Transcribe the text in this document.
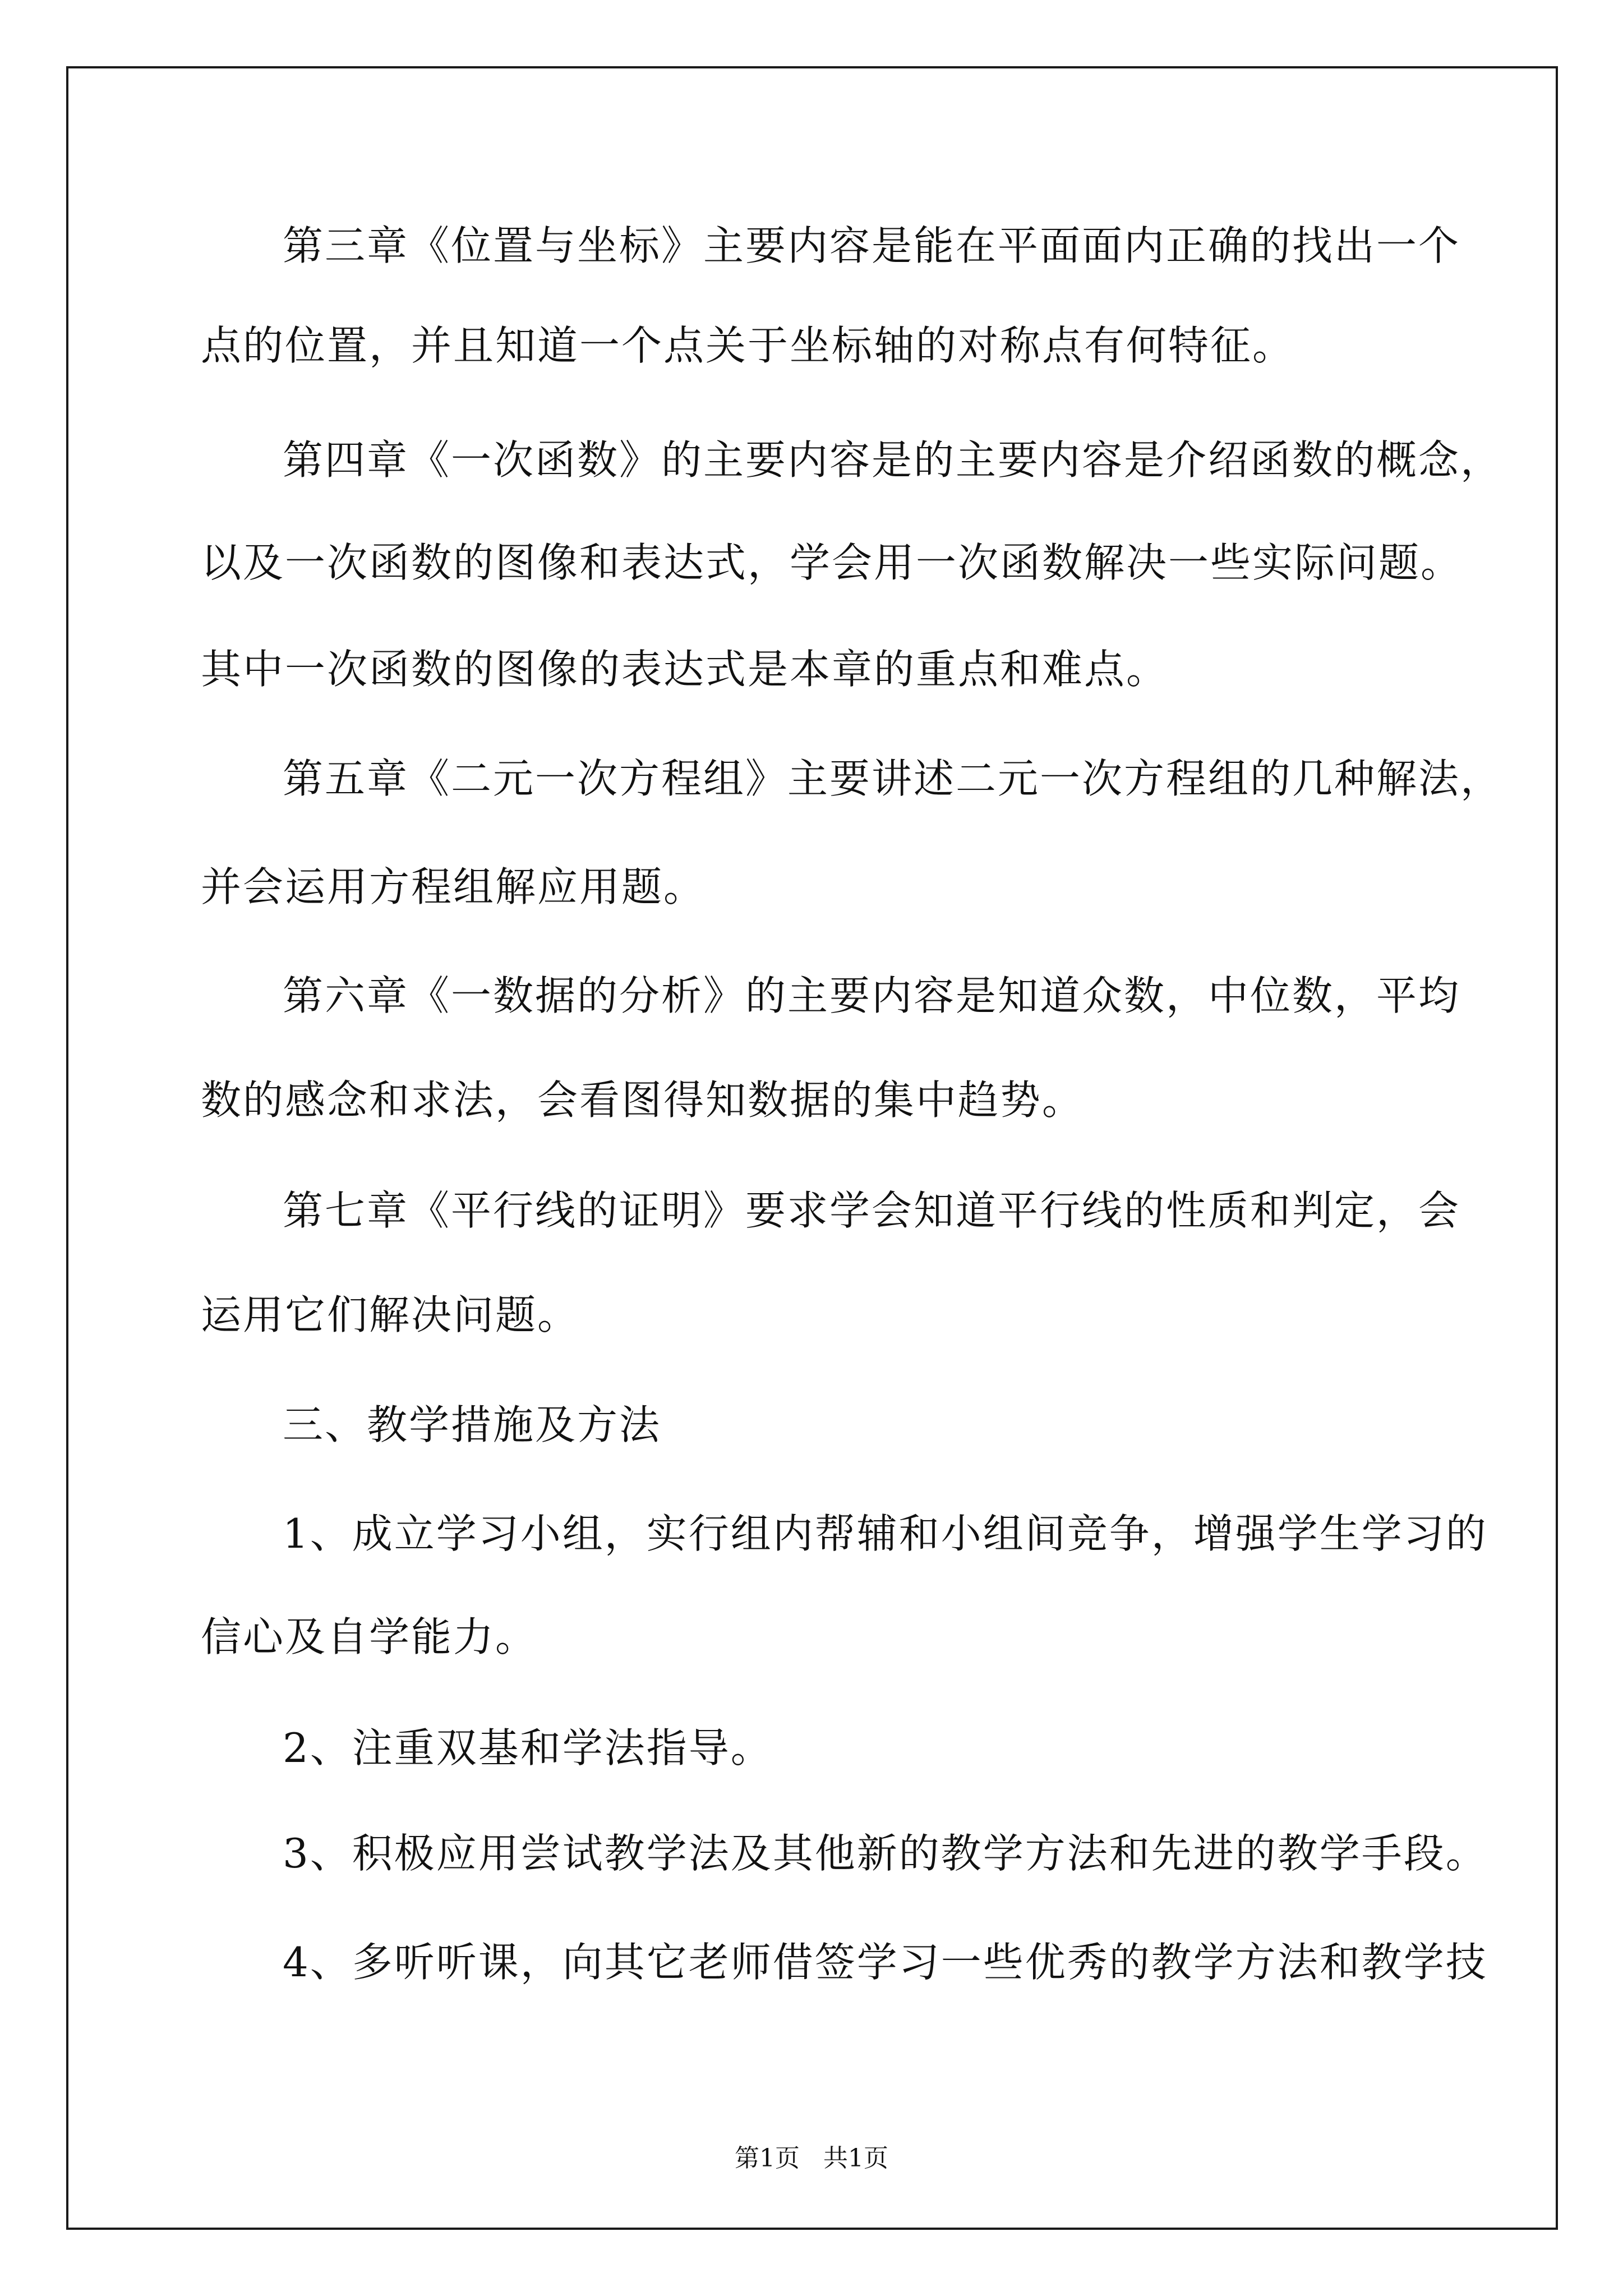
第三章《位置与坐标》主要内容是能在平面面内正确的找出一个
点的位置，并且知道一个点关于坐标轴的对称点有何特征。
第四章《一次函数》的主要内容是的主要内容是介绍函数的概念，
以及一次函数的图像和表达式，学会用一次函数解决一些实际问题。
其中一次函数的图像的表达式是本章的重点和难点。
第五章《二元一次方程组》主要讲述二元一次方程组的几种解法，
并会运用方程组解应用题。
第六章《一数据的分析》的主要内容是知道众数，中位数，平均
数的感念和求法，会看图得知数据的集中趋势。
第七章《平行线的证明》要求学会知道平行线的性质和判定，会
运用它们解决问题。
三、教学措施及方法
1、成立学习小组，实行组内帮辅和小组间竞争，增强学生学习的
信心及自学能力。
2、注重双基和学法指导。
3、积极应用尝试教学法及其他新的教学方法和先进的教学手段。
4、多听听课，向其它老师借签学习一些优秀的教学方法和教学技
第1页   共1页
